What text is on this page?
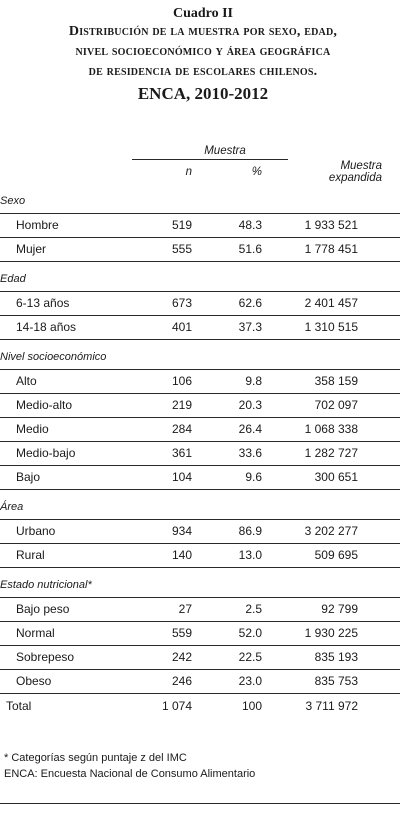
Cuadro II
Distribución de la muestra por sexo, edad,
nivel socioeconómico y área geográfica
de residencia de escolares chilenos.
ENCA, 2010-2012
	Muestra		
	n	%	Muestra expandida
Sexo			
Hombre	519	48.3	1 933 521
Mujer	555	51.6	1 778 451
Edad			
6-13 años	673	62.6	2 401 457
14-18 años	401	37.3	1 310 515
Nivel socioeconómico			
Alto	106	9.8	358 159
Medio-alto	219	20.3	702 097
Medio	284	26.4	1 068 338
Medio-bajo	361	33.6	1 282 727
Bajo	104	9.6	300 651
Área			
Urbano	934	86.9	3 202 277
Rural	140	13.0	509 695
Estado nutricional*			
Bajo peso	27	2.5	92 799
Normal	559	52.0	1 930 225
Sobrepeso	242	22.5	835 193
Obeso	246	23.0	835 753
Total	1 074	100	3 711 972
* Categorías según puntaje z del IMC
ENCA: Encuesta Nacional de Consumo Alimentario
